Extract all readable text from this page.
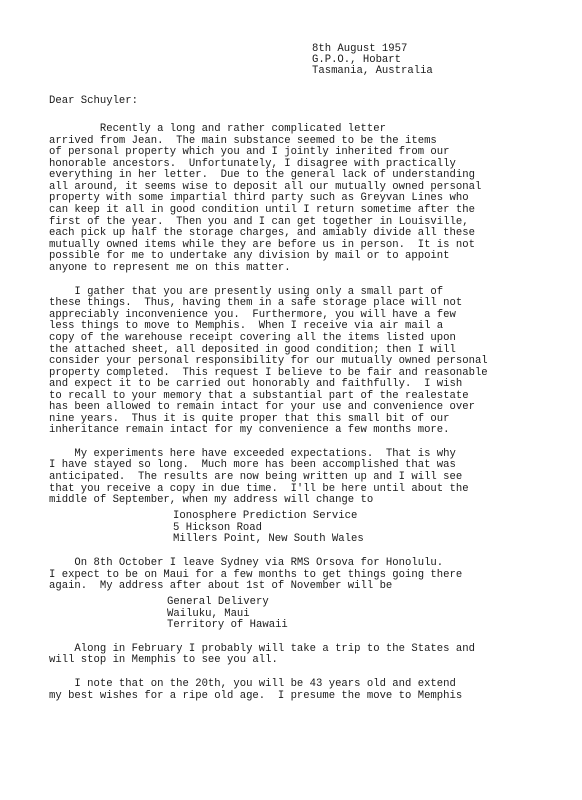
8th August 1957
G.P.O., Hobart
Tasmania, Australia
Dear Schuyler:
Recently a long and rather complicated letter
arrived from Jean.  The main substance seemed to be the items
of personal property which you and I jointly inherited from our
honorable ancestors.  Unfortunately, I disagree with practically
everything in her letter.  Due to the general lack of understanding
all around, it seems wise to deposit all our mutually owned personal
property with some impartial third party such as Greyvan Lines who
can keep it all in good condition until I return sometime after the
first of the year.  Then you and I can get together in Louisville,
each pick up half the storage charges, and amiably divide all these
mutually owned items while they are before us in person.  It is not
possible for me to undertake any division by mail or to appoint
anyone to represent me on this matter.
I gather that you are presently using only a small part of
these things.  Thus, having them in a safe storage place will not
appreciably inconvenience you.  Furthermore, you will have a few
less things to move to Memphis.  When I receive via air mail a
copy of the warehouse receipt covering all the items listed upon
the attached sheet, all deposited in good condition; then I will
consider your personal responsibility for our mutually owned personal
property completed.  This request I believe to be fair and reasonable
and expect it to be carried out honorably and faithfully.  I wish
to recall to your memory that a substantial part of the realestate
has been allowed to remain intact for your use and convenience over
nine years.  Thus it is quite proper that this small bit of our
inheritance remain intact for my convenience a few months more.
My experiments here have exceeded expectations.  That is why
I have stayed so long.  Much more has been accomplished that was
anticipated.  The results are now being written up and I will see
that you receive a copy in due time.  I'll be here until about the
middle of September, when my address will change to
Ionosphere Prediction Service
5 Hickson Road
Millers Point, New South Wales
On 8th October I leave Sydney via RMS Orsova for Honolulu.
I expect to be on Maui for a few months to get things going there
again.  My address after about 1st of November will be
General Delivery
Wailuku, Maui
Territory of Hawaii
Along in February I probably will take a trip to the States and
will stop in Memphis to see you all.
I note that on the 20th, you will be 43 years old and extend
my best wishes for a ripe old age.  I presume the move to Memphis
